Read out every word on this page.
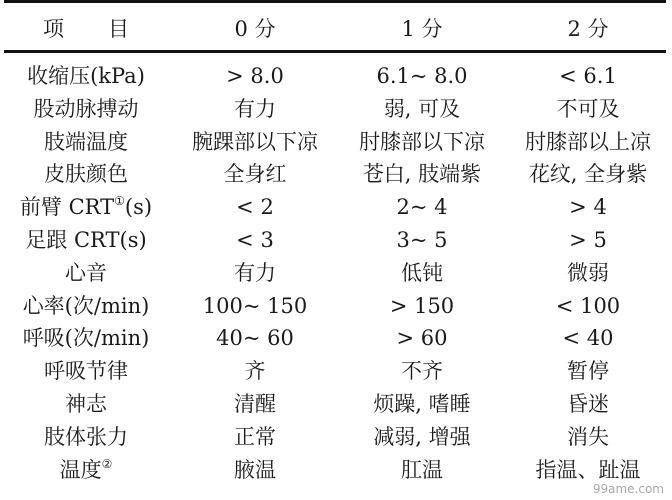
项 目	0 分	1 分	2 分
收缩压(kPa)	> 8.0	6.1~ 8.0	< 6.1
股动脉搏动	有力	弱, 可及	不可及
肢端温度	腕踝部以下凉	肘膝部以下凉	肘膝部以上凉
皮肤颜色	全身红	苍白, 肢端紫	花纹, 全身紫
前臂 CRT①(s)	< 2	2~ 4	> 4
足跟 CRT(s)	< 3	3~ 5	> 5
心音	有力	低钝	微弱
心率(次/min)	100~ 150	> 150	< 100
呼吸(次/min)	40~ 60	> 60	< 40
呼吸节律	齐	不齐	暂停
神志	清醒	烦躁, 嗜睡	昏迷
肢体张力	正常	减弱, 增强	消失
温度②	腋温	肛温	指温、趾温
99ame.com
